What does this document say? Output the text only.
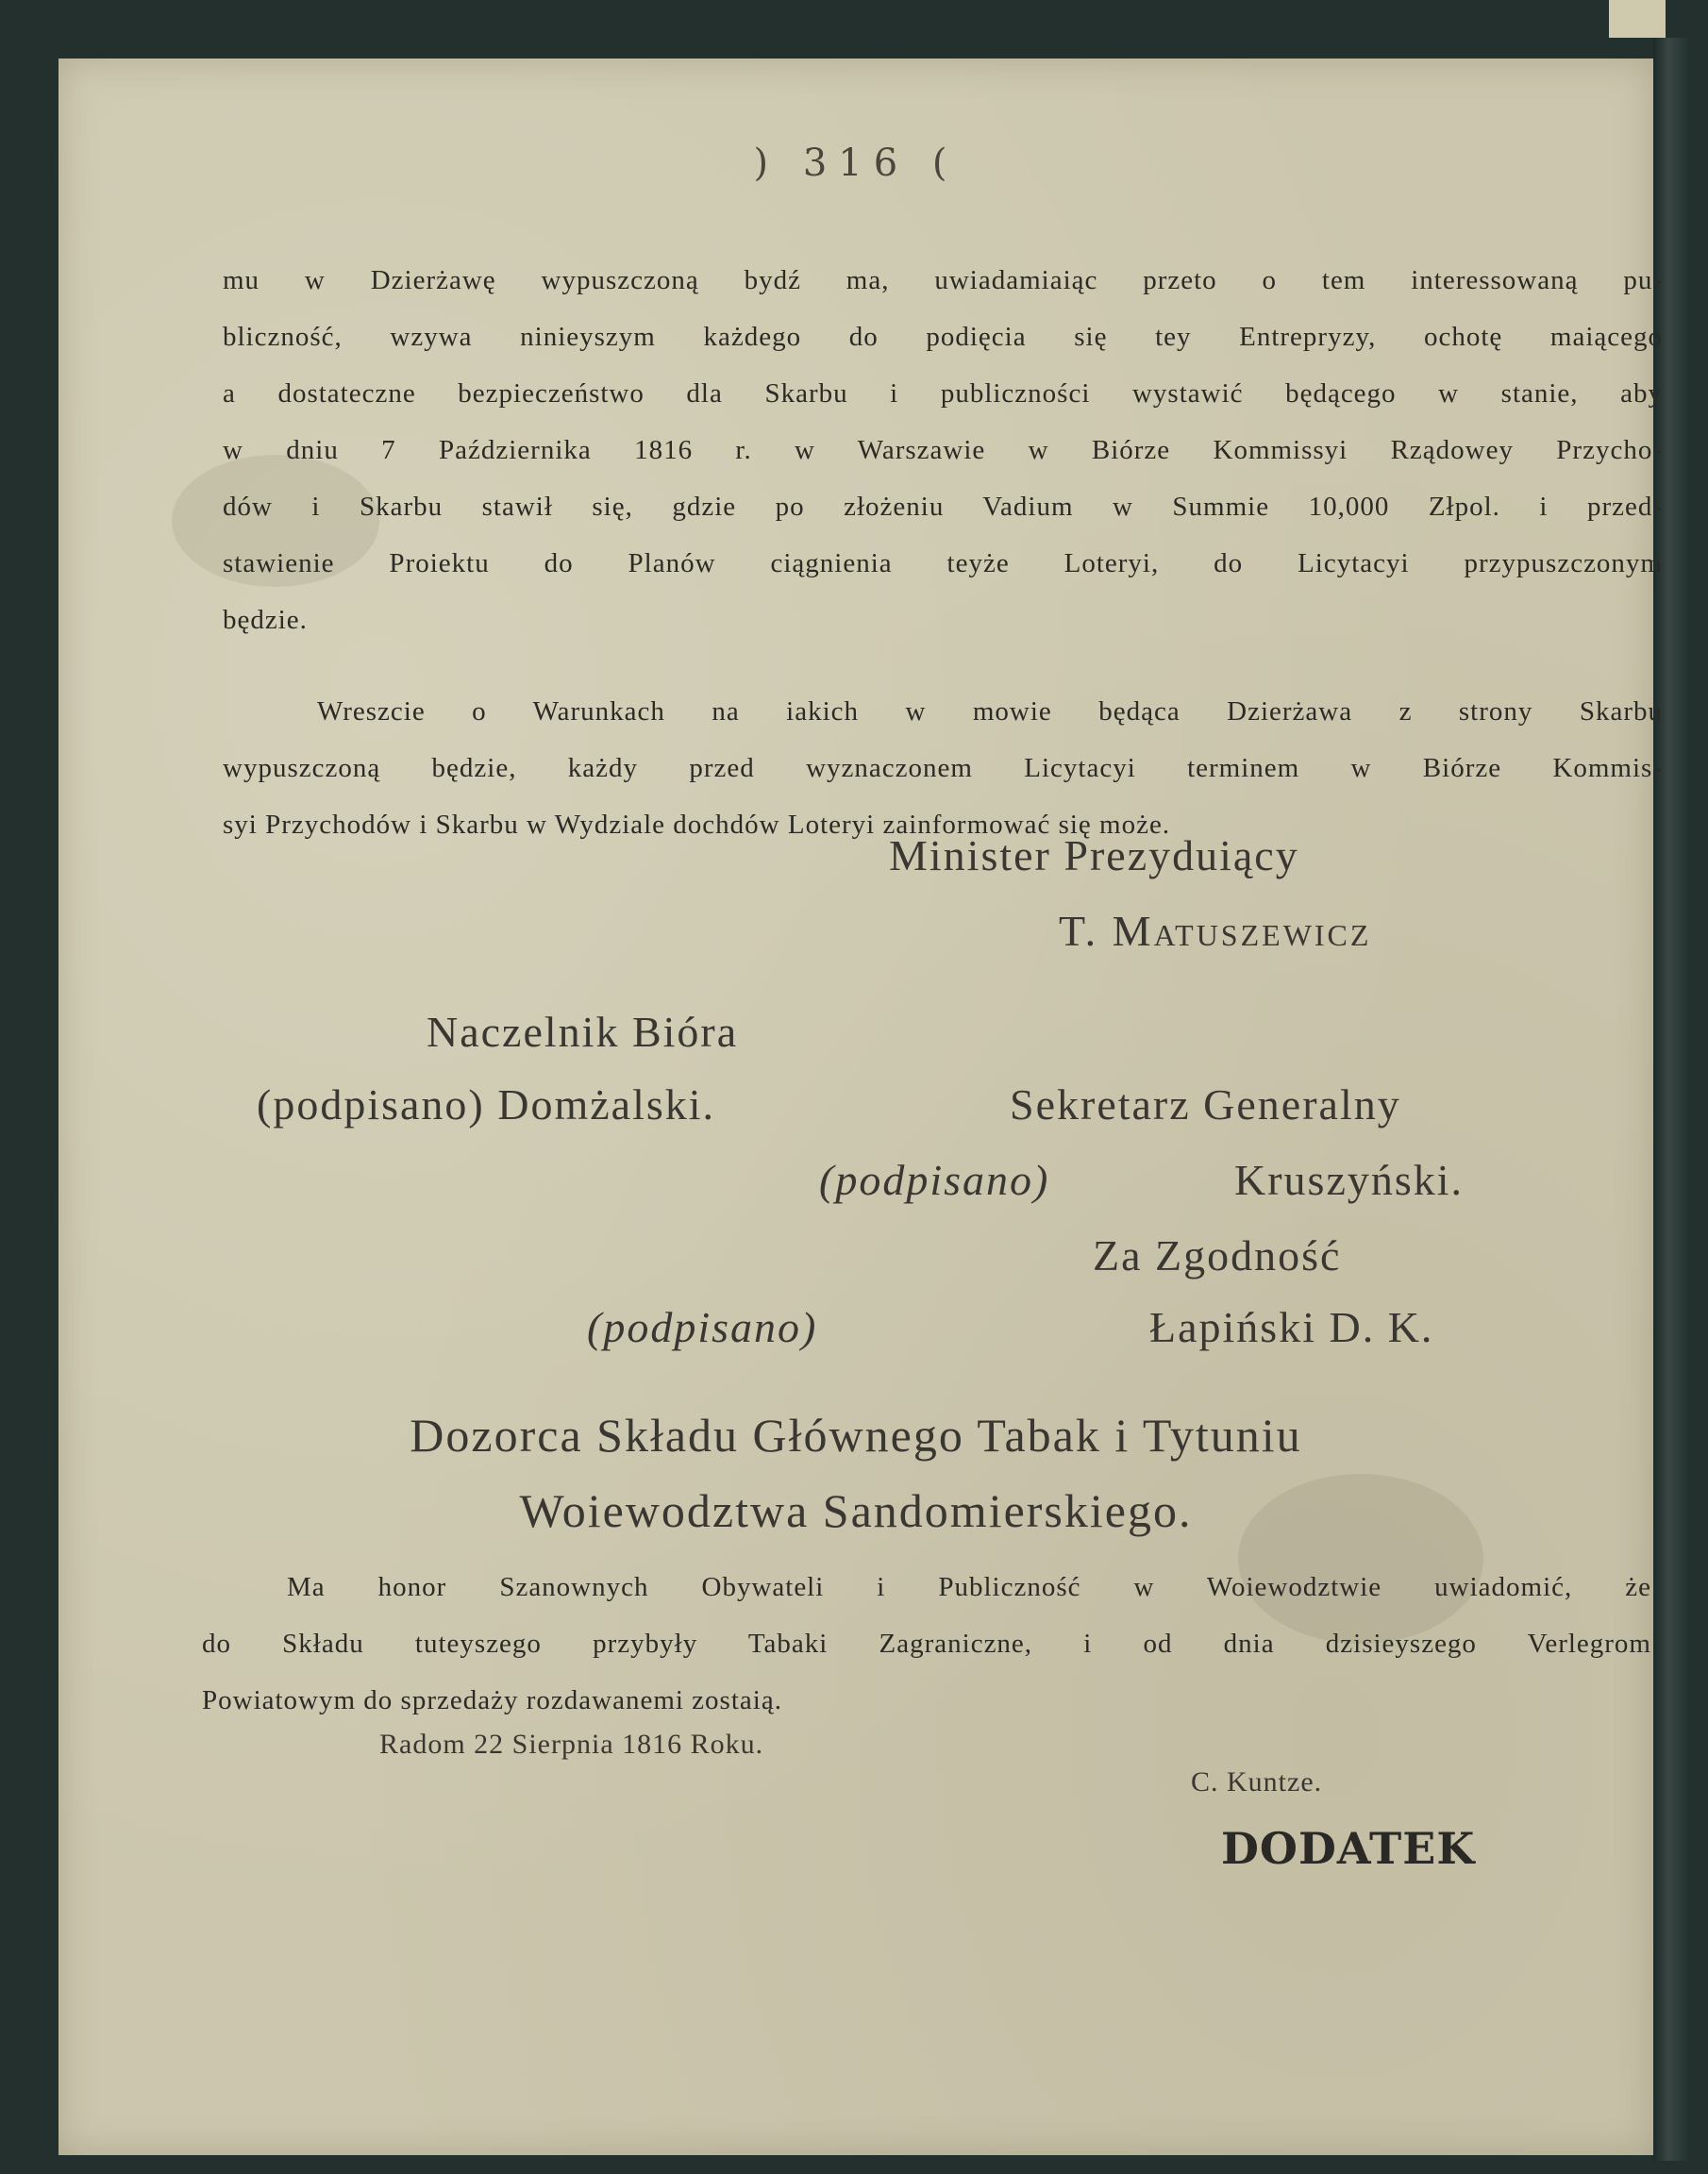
) 316 (
mu w Dzierżawę wypuszczoną bydź ma, uwiadamiaiąc przeto o tem interessowaną pu-
bliczność, wzywa ninieyszym każdego do podięcia się tey Entrepryzy, ochotę maiącego
a dostateczne bezpieczeństwo dla Skarbu i publiczności wystawić będącego w stanie, aby
w dniu 7 Października 1816 r. w Warszawie w Biórze Kommissyi Rządowey Przycho-
dów i Skarbu stawił się, gdzie po złożeniu Vadium w Summie 10,000 Złpol. i przed-
stawienie Proiektu do Planów ciągnienia teyże Loteryi, do Licytacyi przypuszczonym
będzie.
Wreszcie o Warunkach na iakich w mowie będąca Dzierżawa z strony Skarbu
wypuszczoną będzie, każdy przed wyznaczonem Licytacyi terminem w Biórze Kommis-
syi Przychodów i Skarbu w Wydziale dochdów Loteryi zainformować się może.
Minister Prezyduiący
T. Matuszewicz
Naczelnik Bióra
(podpisano) Domżalski.	Sekretarz Generalny
(podpisano)	Kruszyński.
Za Zgodność
(podpisano)	Łapiński D. K.
Dozorca Składu Głównego Tabak i Tytuniu
Woiewodztwa Sandomierskiego.
Ma honor Szanownych Obywateli i Publiczność w Woiewodztwie uwiadomić, że
do Składu tuteyszego przybyły Tabaki Zagraniczne, i od dnia dzisieyszego Verlegrom
Powiatowym do sprzedaży rozdawanemi zostaią.
Radom 22 Sierpnia 1816 Roku.
C. Kuntze.
DODATEK
